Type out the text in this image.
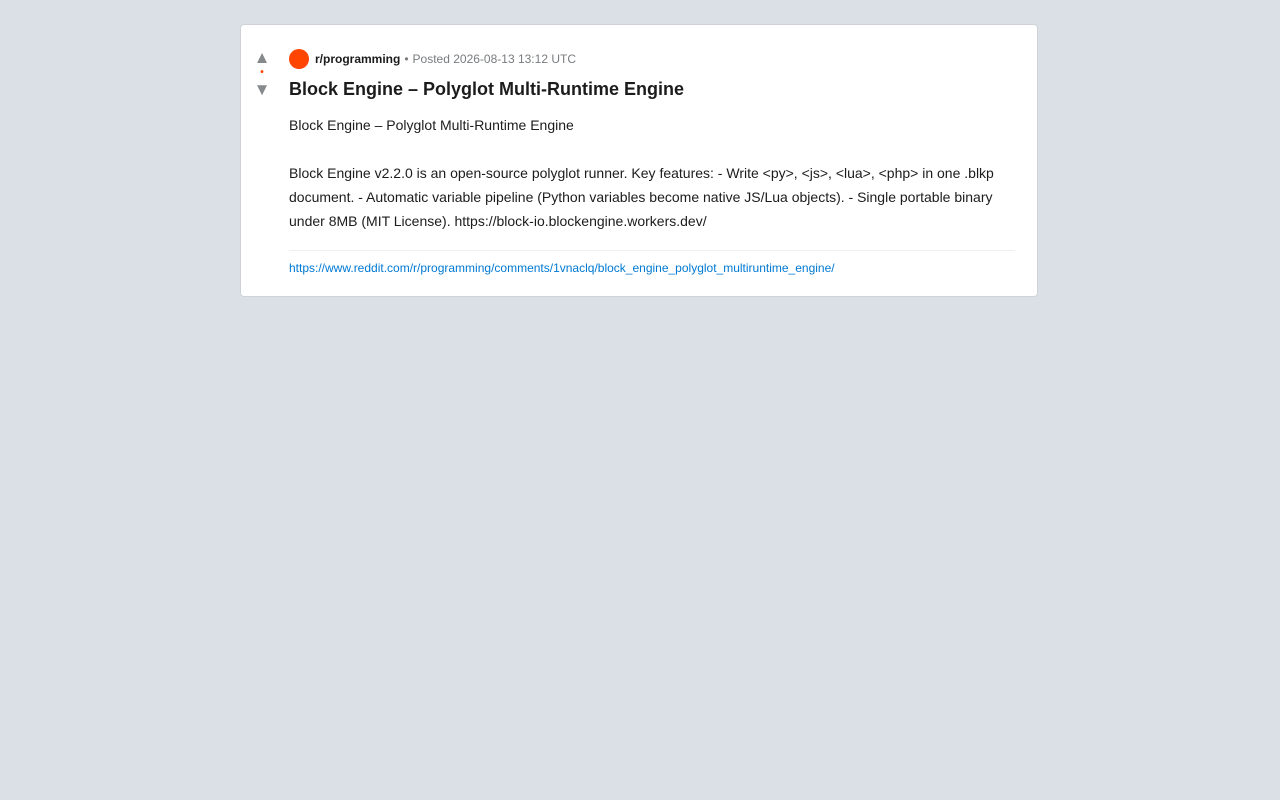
▲
•
▼
r/programming • Posted 2026-08-13 13:12 UTC
Block Engine – Polyglot Multi-Runtime Engine

Block Engine – Polyglot Multi-Runtime Engine

Block Engine v2.2.0 is an open-source polyglot runner. Key features: - Write <py>, <js>, <lua>, <php> in one .blkp document. - Automatic variable pipeline (Python variables become native JS/Lua objects). - Single portable binary under 8MB (MIT License). https://block-io.blockengine.workers.dev/

https://www.reddit.com/r/programming/comments/1vnaclq/block_engine_polyglot_multiruntime_engine/
